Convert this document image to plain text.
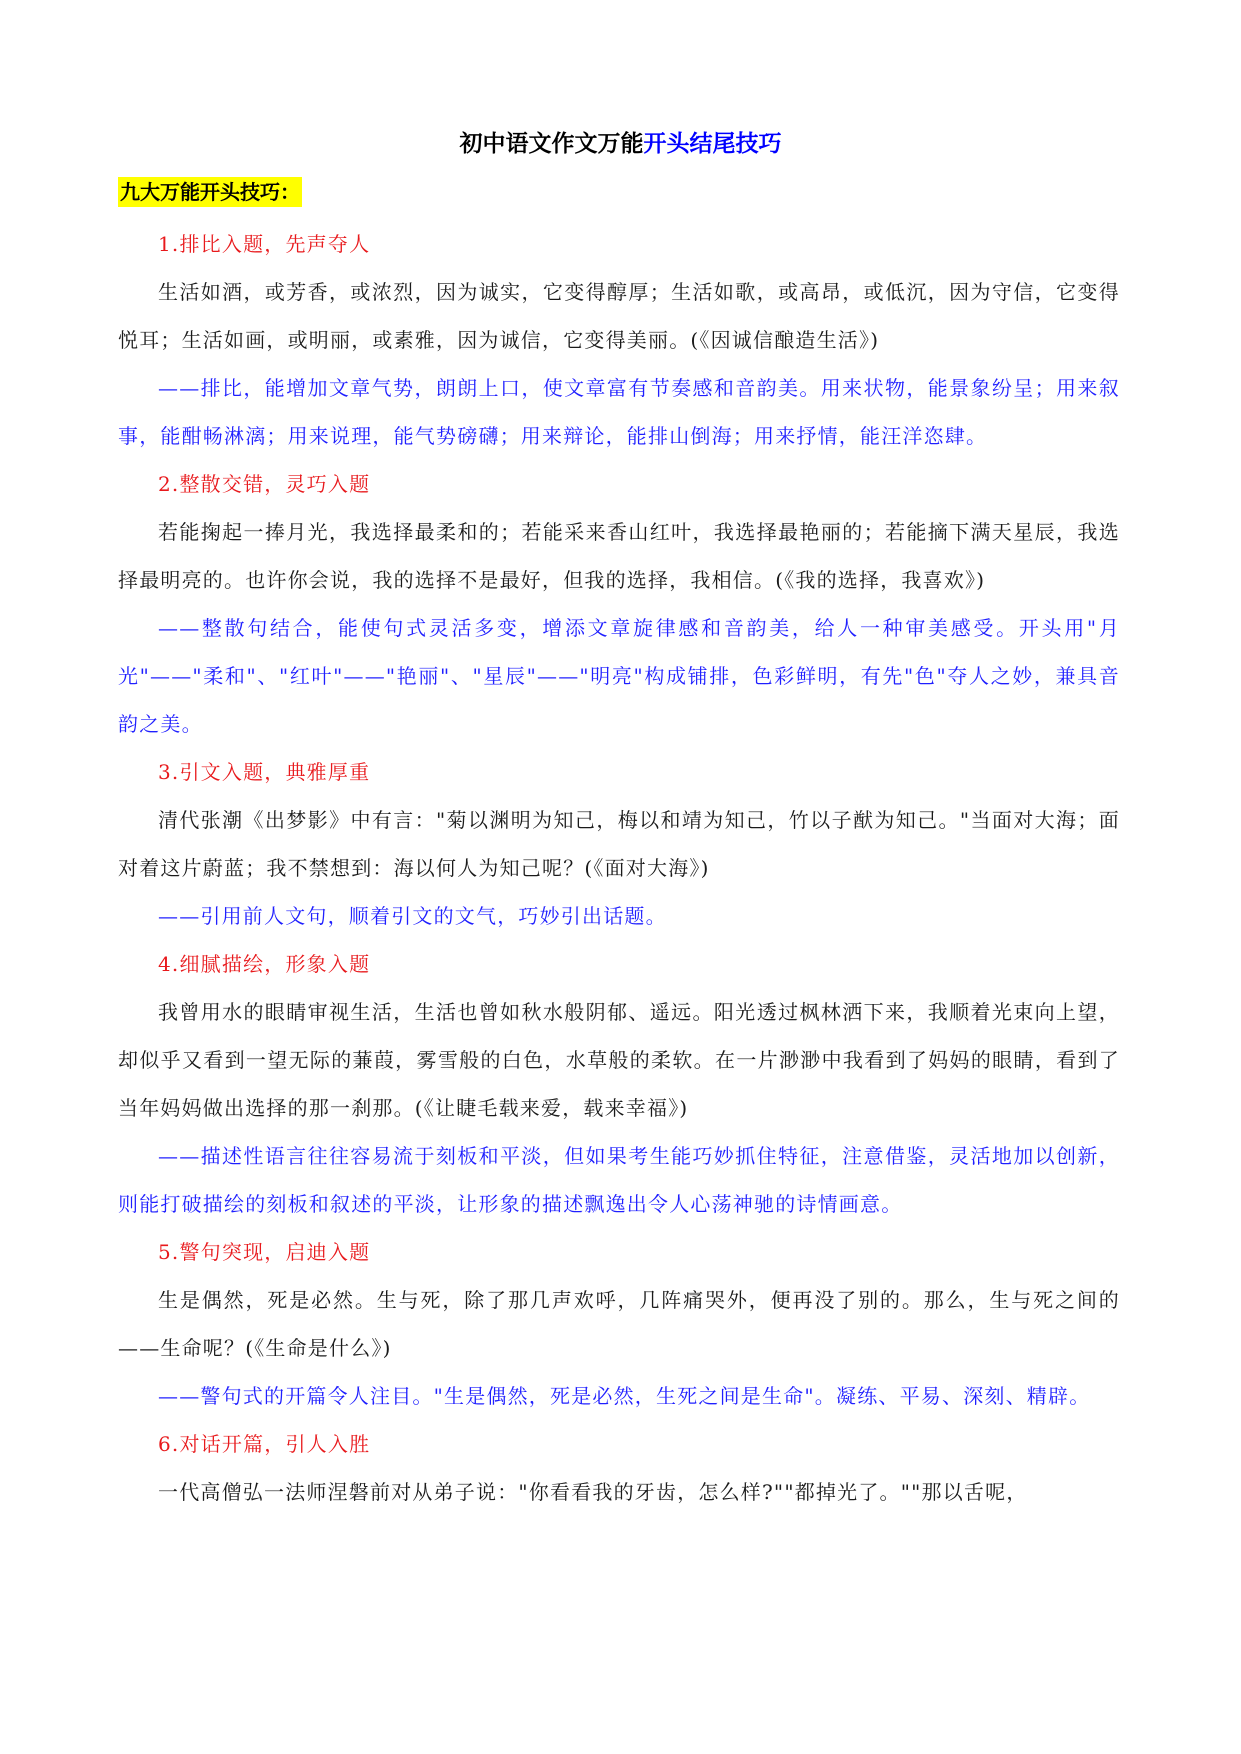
初中语文作文万能开头结尾技巧
九大万能开头技巧：

1.排比入题，先声夺人

生活如酒，或芳香，或浓烈，因为诚实，它变得醇厚；生活如歌，或高昂，或低沉，因为守信，它变得悦耳；生活如画，或明丽，或素雅，因为诚信，它变得美丽。(《因诚信酿造生活》)

——排比，能增加文章气势，朗朗上口，使文章富有节奏感和音韵美。用来状物，能景象纷呈；用来叙事，能酣畅淋漓；用来说理，能气势磅礴；用来辩论，能排山倒海；用来抒情，能汪洋恣肆。

2.整散交错，灵巧入题

若能掬起一捧月光，我选择最柔和的；若能采来香山红叶，我选择最艳丽的；若能摘下满天星辰，我选择最明亮的。也许你会说，我的选择不是最好，但我的选择，我相信。(《我的选择，我喜欢》)

——整散句结合，能使句式灵活多变，增添文章旋律感和音韵美，给人一种审美感受。开头用"月光"——"柔和"、"红叶"——"艳丽"、"星辰"——"明亮"构成铺排，色彩鲜明，有先"色"夺人之妙，兼具音韵之美。

3.引文入题，典雅厚重

清代张潮《出梦影》中有言："菊以渊明为知己，梅以和靖为知己，竹以子猷为知己。"当面对大海；面对着这片蔚蓝；我不禁想到：海以何人为知己呢？(《面对大海》)

——引用前人文句，顺着引文的文气，巧妙引出话题。

4.细腻描绘，形象入题

我曾用水的眼睛审视生活，生活也曾如秋水般阴郁、遥远。阳光透过枫林洒下来，我顺着光束向上望，却似乎又看到一望无际的蒹葭，雾雪般的白色，水草般的柔软。在一片渺渺中我看到了妈妈的眼睛，看到了当年妈妈做出选择的那一刹那。(《让睫毛载来爱，载来幸福》)

——描述性语言往往容易流于刻板和平淡，但如果考生能巧妙抓住特征，注意借鉴，灵活地加以创新，则能打破描绘的刻板和叙述的平淡，让形象的描述飘逸出令人心荡神驰的诗情画意。

5.警句突现，启迪入题

生是偶然，死是必然。生与死，除了那几声欢呼，几阵痛哭外，便再没了别的。那么，生与死之间的——生命呢？(《生命是什么》)

——警句式的开篇令人注目。"生是偶然，死是必然，生死之间是生命"。凝练、平易、深刻、精辟。

6.对话开篇，引人入胜

一代高僧弘一法师涅磐前对从弟子说："你看看我的牙齿，怎么样?""都掉光了。""那以舌呢，
